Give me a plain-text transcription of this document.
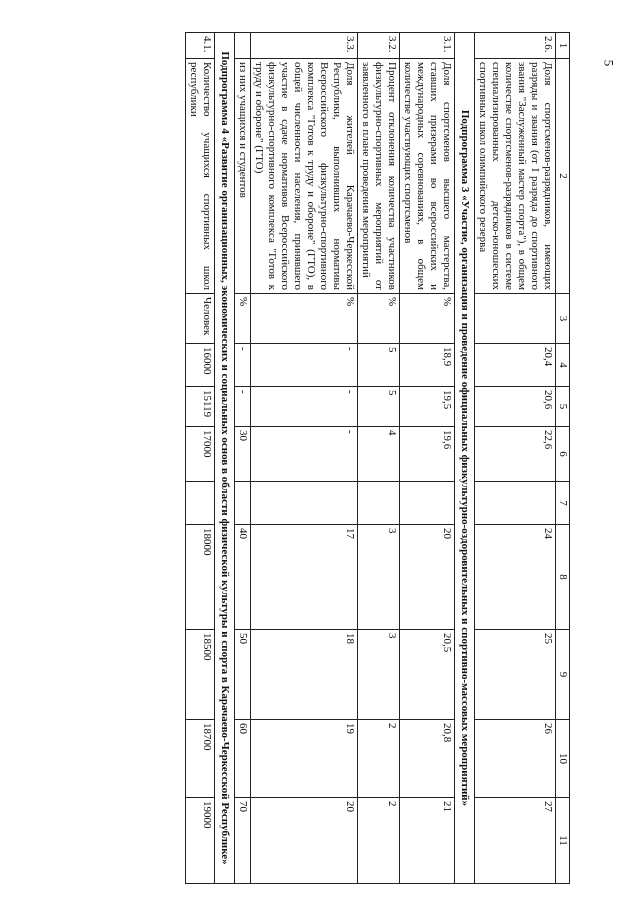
5
1	2	3	4	5	6	7	8	9	10	11
2.6.	Доля спортсменов-разрядников, имеющих разряды и звания (от I разряда до спортивного звания "Заслуженный мастер спорта"), в общем количестве спортсменов-разрядников в системе специализированных детско-юношеских спортивных школ олимпийского резерва		20,4	20,6	22,6		24	25	26	27
Подпрограмма 3 «Участие, организация и проведение официальных физкультурно-оздоровительных и спортивно-массовых мероприятий»										
3.1.	Доля спортсменов высшего мастерства, ставших призерами во всероссийских и международных соревнованиях, в общем количестве участвующих спортсменов	%	18,9	19,5	19,6		20	20,5	20,8	21
3.2.	Процент отклонения количества участников физкультурно-спортивных мероприятий от заявленного в плане проведения мероприятий	%	5	5	4		3	3	2	2
3.3.	Доля жителей Карачаево-Черкесской Республики, выполнивших нормативы Всероссийского физкультурно-спортивного комплекса "Готов к труду и обороне" (ГТО), в общей численности населения, принявшего участие в сдаче нормативов Всероссийского физкультурно-спортивного комплекса "Готов к труду и обороне" (ГТО)	%	-	-	-		17	18	19	20
	из них учащихся и студентов	%	-	-	30		40	50	60	70
Подпрограмма 4 «Развитие организационных, экономических и социальных основ в области физической культуры и спорта в Карачаево-Черкесской Республике»										
4.1.	Количество учащихся спортивных школ республики	Человек	16000	15119	17000		18000	18500	18700	19000
